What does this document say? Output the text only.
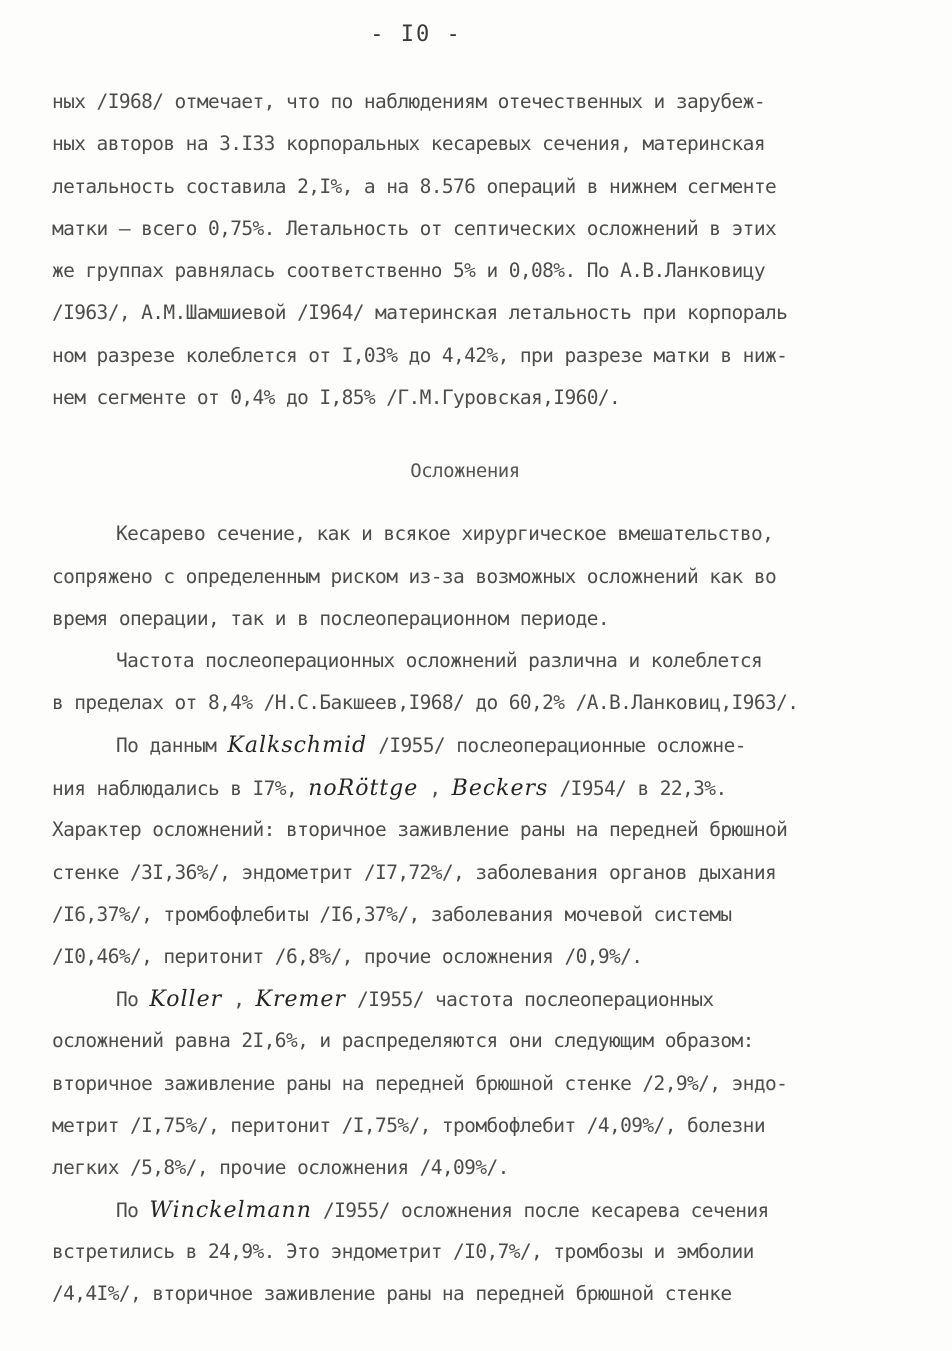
- I0 -
ных /I968/ отмечает, что по наблюдениям отечественных и зарубеж-
ных авторов на 3.I33 корпоральных кесаревых сечения, материнская
летальность составила 2,I%, а на 8.576 операций в нижнем сегменте
матки – всего 0,75%. Летальность от септических осложнений в этих
же группах равнялась соответственно 5% и 0,08%. По А.В.Ланковицу
/I963/, А.М.Шамшиевой /I964/ материнская летальность при корпораль
ном разрезе колеблется от I,03% до 4,42%, при разрезе матки в ниж-
нем сегменте от 0,4% до I,85% /Г.М.Гуровская,I960/.
Осложнения
Кесарево сечение, как и всякое хирургическое вмешательство,
сопряжено с определенным риском из-за возможных осложнений как во
время операции, так и в послеоперационном периоде.
Частота послеоперационных осложнений различна и колеблется
в пределах от 8,4% /Н.С.Бакшеев,I968/ до 60,2% /А.В.Ланковиц,I963/.
По данным Kalkschmid /I955/ послеоперационные осложне-
ния наблюдались в I7%, поRöttge , Beckers /I954/ в 22,3%.
Характер осложнений: вторичное заживление раны на передней брюшной
стенке /3I,36%/, эндометрит /I7,72%/, заболевания органов дыхания
/I6,37%/, тромбофлебиты /I6,37%/, заболевания мочевой системы
/I0,46%/, перитонит /6,8%/, прочие осложнения /0,9%/.
По Koller , Kremer /I955/ частота послеоперационных
осложнений равна 2I,6%, и распределяются они следующим образом:
вторичное заживление раны на передней брюшной стенке /2,9%/, эндо-
метрит /I,75%/, перитонит /I,75%/, тромбофлебит /4,09%/, болезни
легких /5,8%/, прочие осложнения /4,09%/.
По Winckelmann /I955/ осложнения после кесарева сечения
встретились в 24,9%. Это эндометрит /I0,7%/, тромбозы и эмболии
/4,4I%/, вторичное заживление раны на передней брюшной стенке
